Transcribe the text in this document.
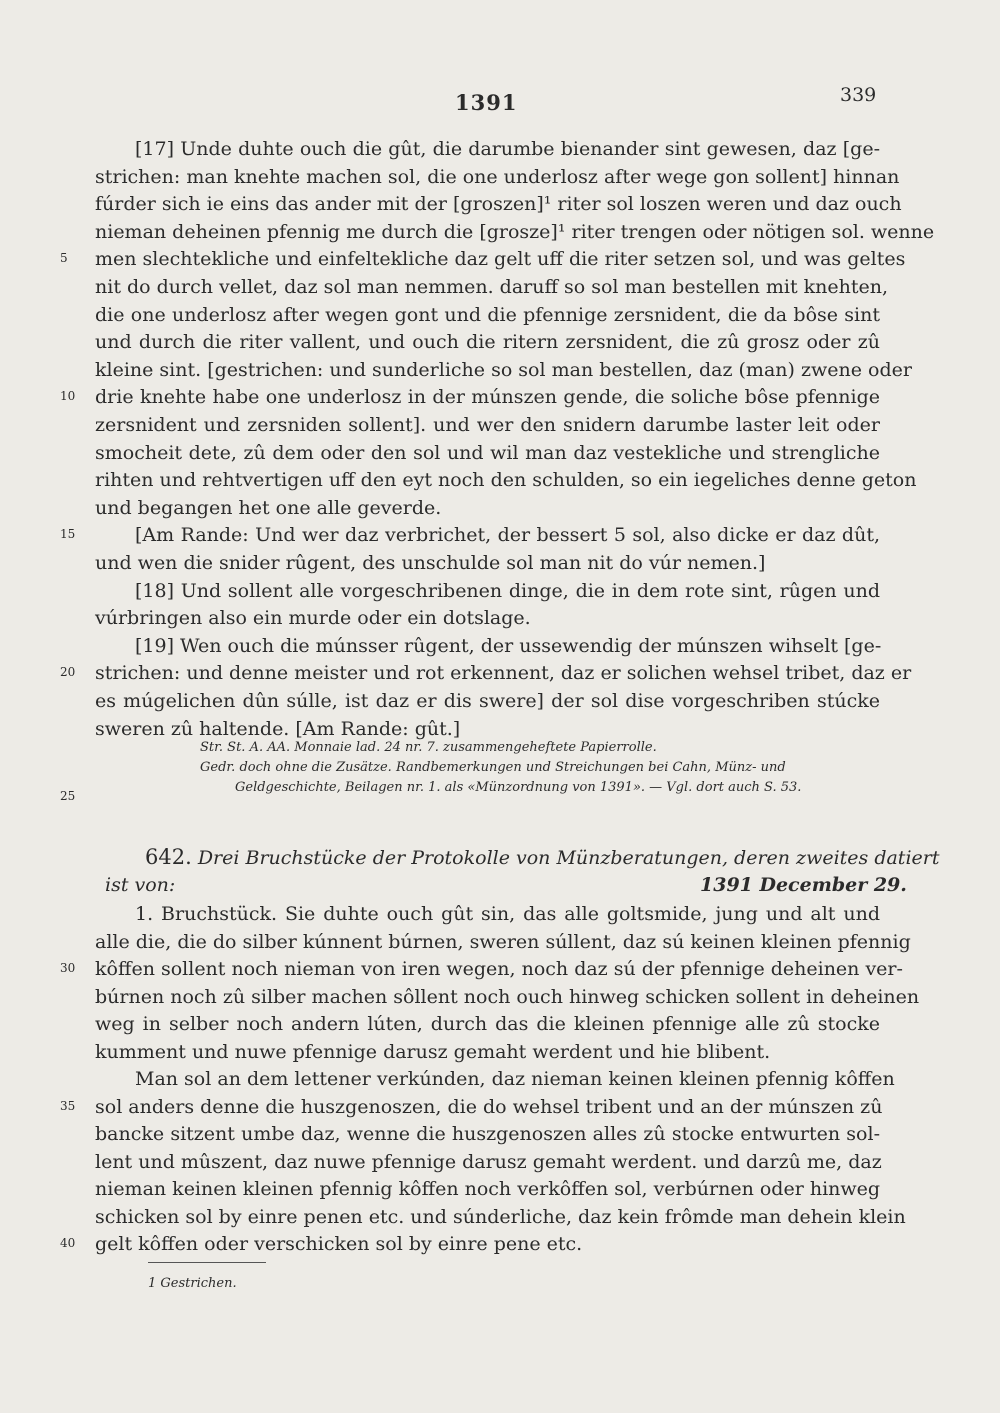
1391	339
[17] Unde duhte ouch die gût, die darumbe bienander sint gewesen, daz [ge-
strichen: man knehte machen sol, die one underlosz after wege gon sollent] hinnan
fúrder sich ie eins das ander mit der [groszen]¹ riter sol loszen weren und daz ouch
nieman deheinen pfennig me durch die [grosze]¹ riter trengen oder nötigen sol. wenne
5	men slechtekliche und einfeltekliche daz gelt uff die riter setzen sol, und was geltes
nit do durch vellet, daz sol man nemmen. daruff so sol man bestellen mit knehten,
die one underlosz after wegen gont und die pfennige zersnident, die da bôse sint
und durch die riter vallent, und ouch die ritern zersnident, die zû grosz oder zû
kleine sint. [gestrichen: und sunderliche so sol man bestellen, daz (man) zwene oder
10	drie knehte habe one underlosz in der múnszen gende, die soliche bôse pfennige
zersnident und zersniden sollent]. und wer den snidern darumbe laster leit oder
smocheit dete, zû dem oder den sol und wil man daz vestekliche und strengliche
rihten und rehtvertigen uff den eyt noch den schulden, so ein iegeliches denne geton
und begangen het one alle geverde.
15	[Am Rande: Und wer daz verbrichet, der bessert 5 sol, also dicke er daz dût,
und wen die snider rûgent, des unschulde sol man nit do vúr nemen.]
[18] Und sollent alle vorgeschribenen dinge, die in dem rote sint, rûgen und
vúrbringen also ein murde oder ein dotslage.
[19] Wen ouch die múnsser rûgent, der ussewendig der múnszen wihselt [ge-
20	strichen: und denne meister und rot erkennent, daz er solichen wehsel tribet, daz er
es múgelichen dûn súlle, ist daz er dis swere] der sol dise vorgeschriben stúcke
sweren zû haltende. [Am Rande: gût.]
Str. St. A. AA. Monnaie lad. 24 nr. 7. zusammengeheftete Papierrolle.
Gedr. doch ohne die Zusätze. Randbemerkungen und Streichungen bei Cahn, Münz- und
Geldgeschichte, Beilagen nr. 1. als «Münzordnung von 1391». — Vgl. dort auch S. 53.
25
642. Drei Bruchstücke der Protokolle von Münzberatungen, deren zweites datiert
ist von:	1391 December 29.
1. Bruchstück. Sie duhte ouch gût sin, das alle goltsmide, jung und alt und
alle die, die do silber kúnnent búrnen, sweren súllent, daz sú keinen kleinen pfennig
30	kôffen sollent noch nieman von iren wegen, noch daz sú der pfennige deheinen ver-
búrnen noch zû silber machen sôllent noch ouch hinweg schicken sollent in deheinen
weg in selber noch andern lúten, durch das die kleinen pfennige alle zû stocke
kumment und nuwe pfennige darusz gemaht werdent und hie blibent.
Man sol an dem lettener verkúnden, daz nieman keinen kleinen pfennig kôffen
35	sol anders denne die huszgenoszen, die do wehsel tribent und an der múnszen zû
bancke sitzent umbe daz, wenne die huszgenoszen alles zû stocke entwurten sol-
lent und mûszent, daz nuwe pfennige darusz gemaht werdent. und darzû me, daz
nieman keinen kleinen pfennig kôffen noch verkôffen sol, verbúrnen oder hinweg
schicken sol by einre penen etc. und súnderliche, daz kein frômde man dehein klein
40	gelt kôffen oder verschicken sol by einre pene etc.
1 Gestrichen.
